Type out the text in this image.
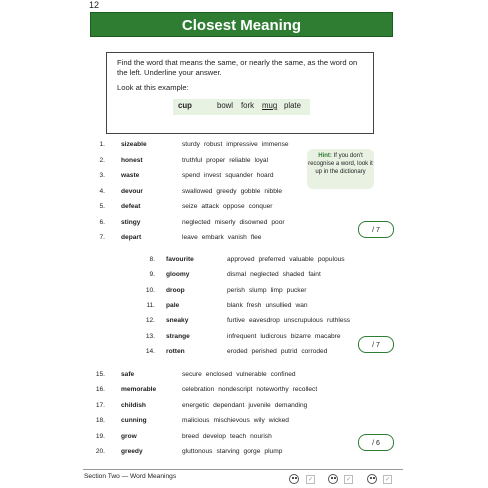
12
Closest Meaning
Find the word that means the same, or nearly the same, as the word on the left. Underline your answer.
Look at this example:
cup	bowl fork mug plate
Hint: If you don't recognise a word, look it up in the dictionary
1. sizeable	sturdy robust impressive immense
2. honest	truthful proper reliable loyal
3. waste	spend invest squander hoard
4. devour	swallowed greedy gobble nibble
5. defeat	seize attack oppose conquer
6. stingy	neglected miserly disowned poor
7. depart	leave embark vanish flee
8. favourite	approved preferred valuable populous
9. gloomy	dismal neglected shaded faint
10. droop	perish slump limp pucker
11. pale	blank fresh unsullied wan
12. sneaky	furtive eavesdrop unscrupulous ruthless
13. strange	infrequent ludicrous bizarre macabre
14. rotten	eroded perished putrid corroded
15. safe	secure enclosed vulnerable confined
16. memorable	celebration nondescript noteworthy recollect
17. childish	energetic dependant juvenile demanding
18. cunning	malicious mischievous wily wicked
19. grow	breed develop teach nourish
20. greedy	gluttonous starving gorge plump
/ 7
/ 7
/ 6
Section Two — Word Meanings	✓	✓	✓
